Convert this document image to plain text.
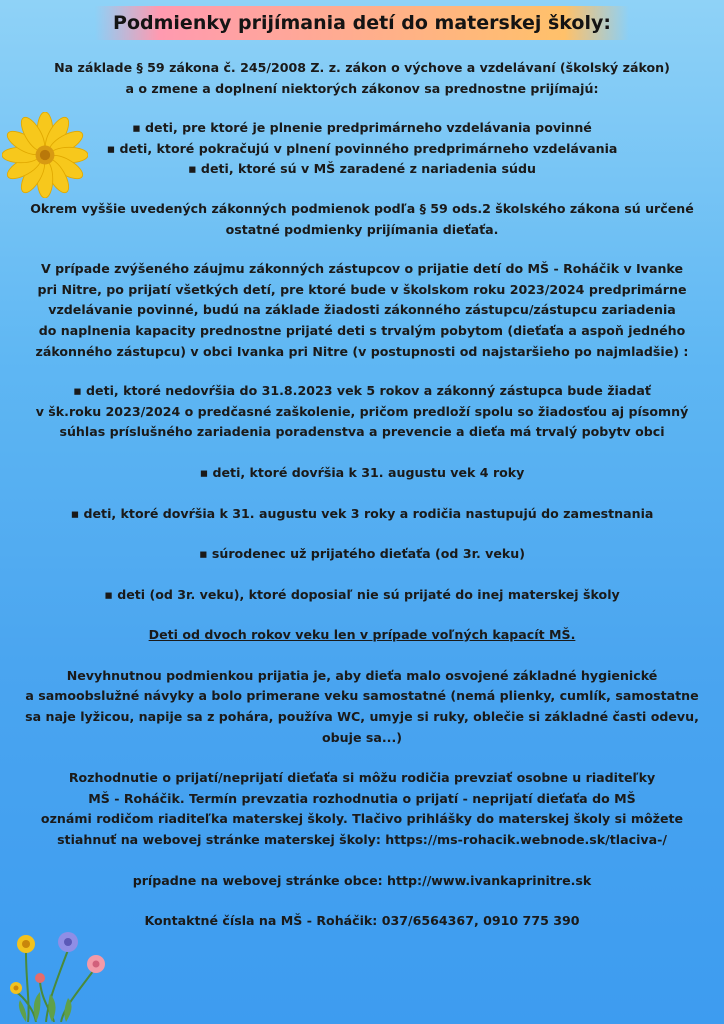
Podmienky prijímania detí do materskej školy:

Na základe § 59 zákona č. 245/2008 Z. z. zákon o výchove a vzdelávaní (školský zákon)

a o zmene a doplnení niektorých zákonov sa prednostne prijímajú:

▪ deti, pre ktoré je plnenie predprimárneho vzdelávania povinné

▪ deti, ktoré pokračujú v plnení povinného predprimárneho vzdelávania

▪ deti, ktoré sú v MŠ zaradené z nariadenia súdu

Okrem vyššie uvedených zákonných podmienok podľa § 59 ods.2 školského zákona sú určené

ostatné podmienky prijímania dieťaťa.

V prípade zvýšeného záujmu zákonných zástupcov o prijatie detí do MŠ - Roháčik v Ivanke

pri Nitre, po prijatí všetkých detí, pre ktoré bude v školskom roku 2023/2024 predprimárne

vzdelávanie povinné, budú na základe žiadosti zákonného zástupcu/zástupcu zariadenia

do naplnenia kapacity prednostne prijaté deti s trvalým pobytom (dieťaťa a aspoň jedného

zákonného zástupcu) v obci Ivanka pri Nitre (v postupnosti od najstaršieho po najmladšie) :

▪ deti, ktoré nedovŕšia do 31.8.2023 vek 5 rokov a zákonný zástupca bude žiadať

v šk.roku 2023/2024 o predčasné zaškolenie, pričom predloží spolu so žiadosťou aj písomný

súhlas príslušného zariadenia poradenstva a prevencie a dieťa má trvalý pobytv obci

▪ deti, ktoré dovŕšia k 31. augustu vek 4 roky

▪ deti, ktoré dovŕšia k 31. augustu vek 3 roky a rodičia nastupujú do zamestnania

▪ súrodenec už prijatého dieťaťa (od 3r. veku)

▪ deti (od 3r. veku), ktoré doposiaľ nie sú prijaté do inej materskej školy

Deti od dvoch rokov veku len v prípade voľných kapacít MŠ.

Nevyhnutnou podmienkou prijatia je, aby dieťa malo osvojené základné hygienické

a samoobslužné návyky a bolo primerane veku samostatné (nemá plienky, cumlík, samostatne

sa naje lyžicou, napije sa z pohára, používa WC, umyje si ruky, oblečie si základné časti odevu,

obuje sa...)

Rozhodnutie o prijatí/neprijatí dieťaťa si môžu rodičia prevziať osobne u riaditeľky

MŠ - Roháčik. Termín prevzatia rozhodnutia o prijatí - neprijatí dieťaťa do MŠ

oznámi rodičom riaditeľka materskej školy. Tlačivo prihlášky do materskej školy si môžete

stiahnuť na webovej stránke materskej školy: https://ms-rohacik.webnode.sk/tlaciva-/

prípadne na webovej stránke obce: http://www.ivankaprinitre.sk

Kontaktné čísla na MŠ - Roháčik: 037/6564367, 0910 775 390
